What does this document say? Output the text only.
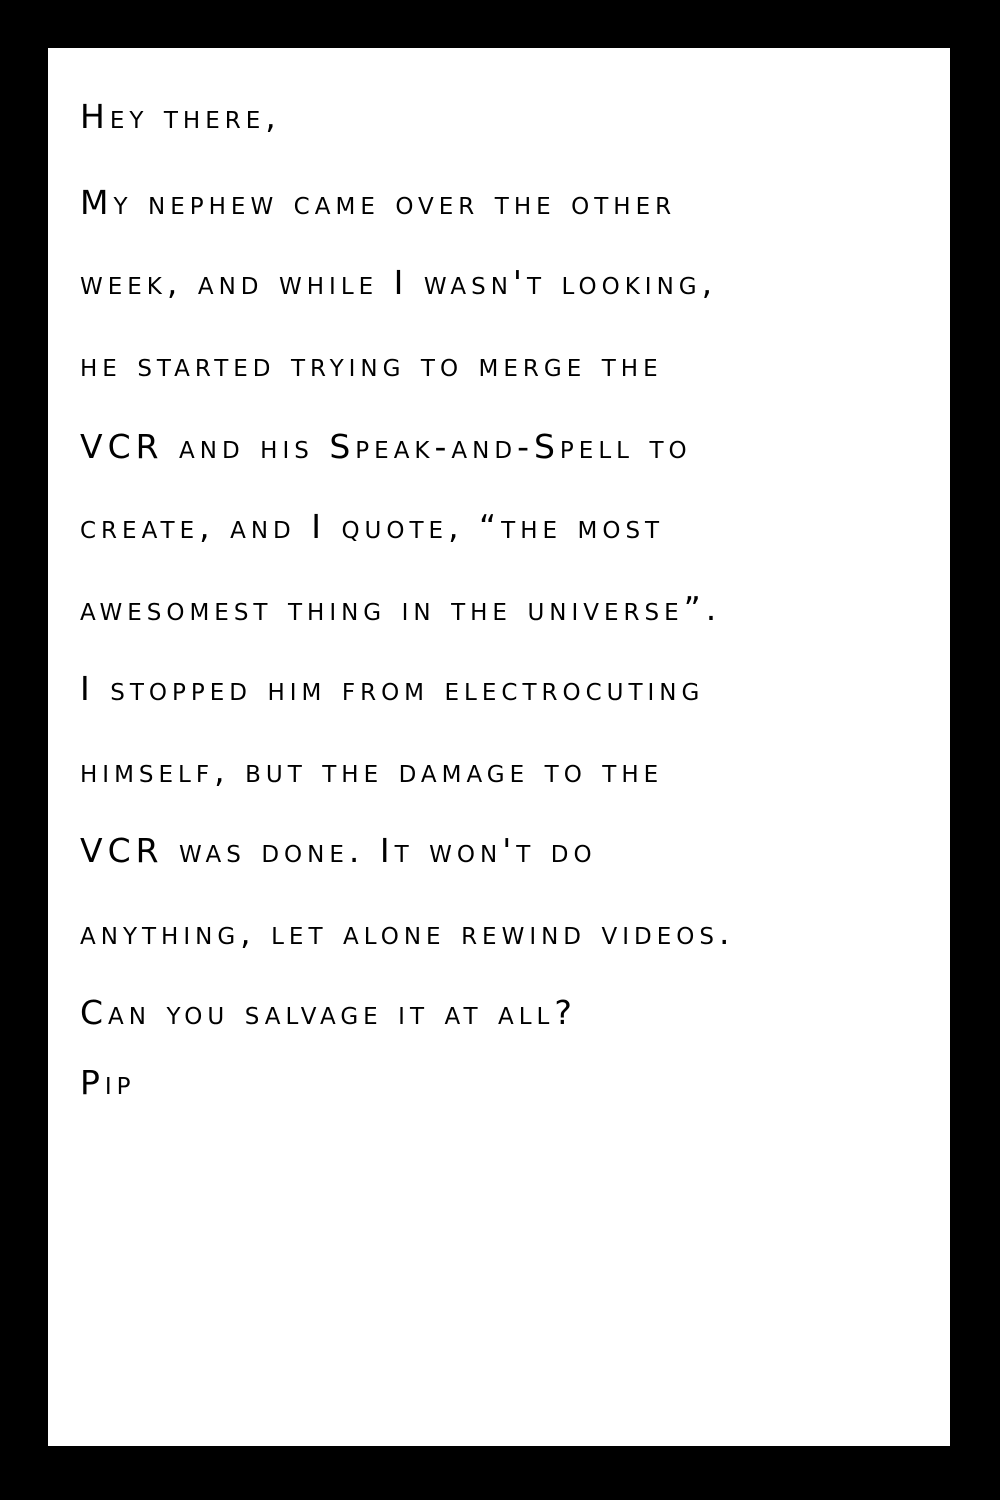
Hey there,

My nephew came over the other

week, and while I wasn't looking,

he started trying to merge the

VCR and his Speak-and-Spell to

create, and I quote, “the most

awesomest thing in the universe”.

I stopped him from electrocuting

himself, but the damage to the

VCR was done. It won't do

anything, let alone rewind videos.

Can you salvage it at all?

Pip
